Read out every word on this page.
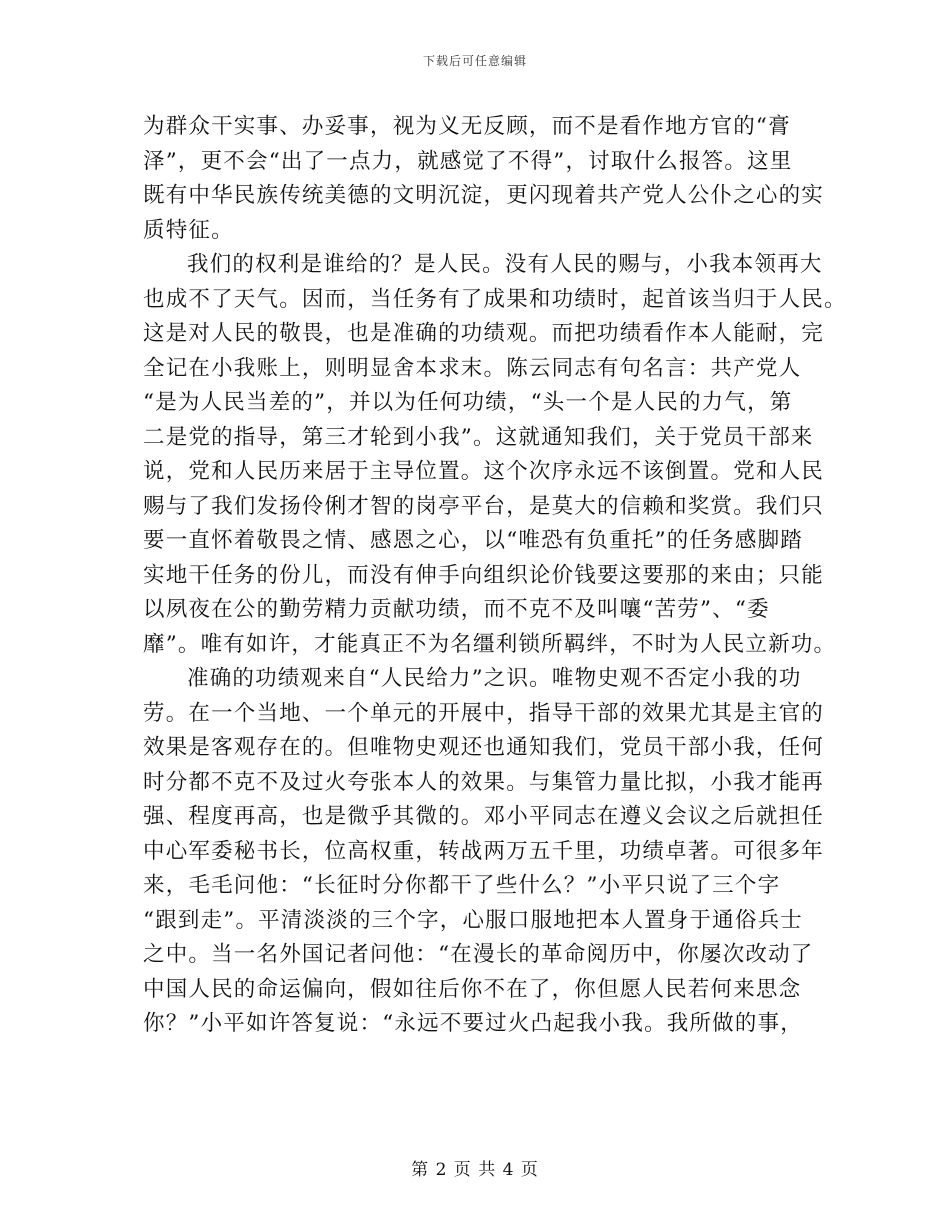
下载后可任意编辑
为群众干实事、办妥事，视为义无反顾，而不是看作地方官的“膏
泽”，更不会“出了一点力，就感觉了不得”，讨取什么报答。这里
既有中华民族传统美德的文明沉淀，更闪现着共产党人公仆之心的实
质特征。
我们的权利是谁给的？是人民。没有人民的赐与，小我本领再大
也成不了天气。因而，当任务有了成果和功绩时，起首该当归于人民。
这是对人民的敬畏，也是准确的功绩观。而把功绩看作本人能耐，完
全记在小我账上，则明显舍本求末。陈云同志有句名言：共产党人
“是为人民当差的”，并以为任何功绩，“头一个是人民的力气，第
二是党的指导，第三才轮到小我”。这就通知我们，关于党员干部来
说，党和人民历来居于主导位置。这个次序永远不该倒置。党和人民
赐与了我们发扬伶俐才智的岗亭平台，是莫大的信赖和奖赏。我们只
要一直怀着敬畏之情、感恩之心，以“唯恐有负重托”的任务感脚踏
实地干任务的份儿，而没有伸手向组织论价钱要这要那的来由；只能
以夙夜在公的勤劳精力贡献功绩，而不克不及叫嚷“苦劳”、“委
靡”。唯有如许，才能真正不为名缰利锁所羁绊，不时为人民立新功。
准确的功绩观来自“人民给力”之识。唯物史观不否定小我的功
劳。在一个当地、一个单元的开展中，指导干部的效果尤其是主官的
效果是客观存在的。但唯物史观还也通知我们，党员干部小我，任何
时分都不克不及过火夸张本人的效果。与集管力量比拟，小我才能再
强、程度再高，也是微乎其微的。邓小平同志在遵义会议之后就担任
中心军委秘书长，位高权重，转战两万五千里，功绩卓著。可很多年
来，毛毛问他：“长征时分你都干了些什么？”小平只说了三个字
“跟到走”。平清淡淡的三个字，心服口服地把本人置身于通俗兵士
之中。当一名外国记者问他：“在漫长的革命阅历中，你屡次改动了
中国人民的命运偏向，假如往后你不在了，你但愿人民若何来思念
你？”小平如许答复说：“永远不要过火凸起我小我。我所做的事，
第 2 页 共 4 页
